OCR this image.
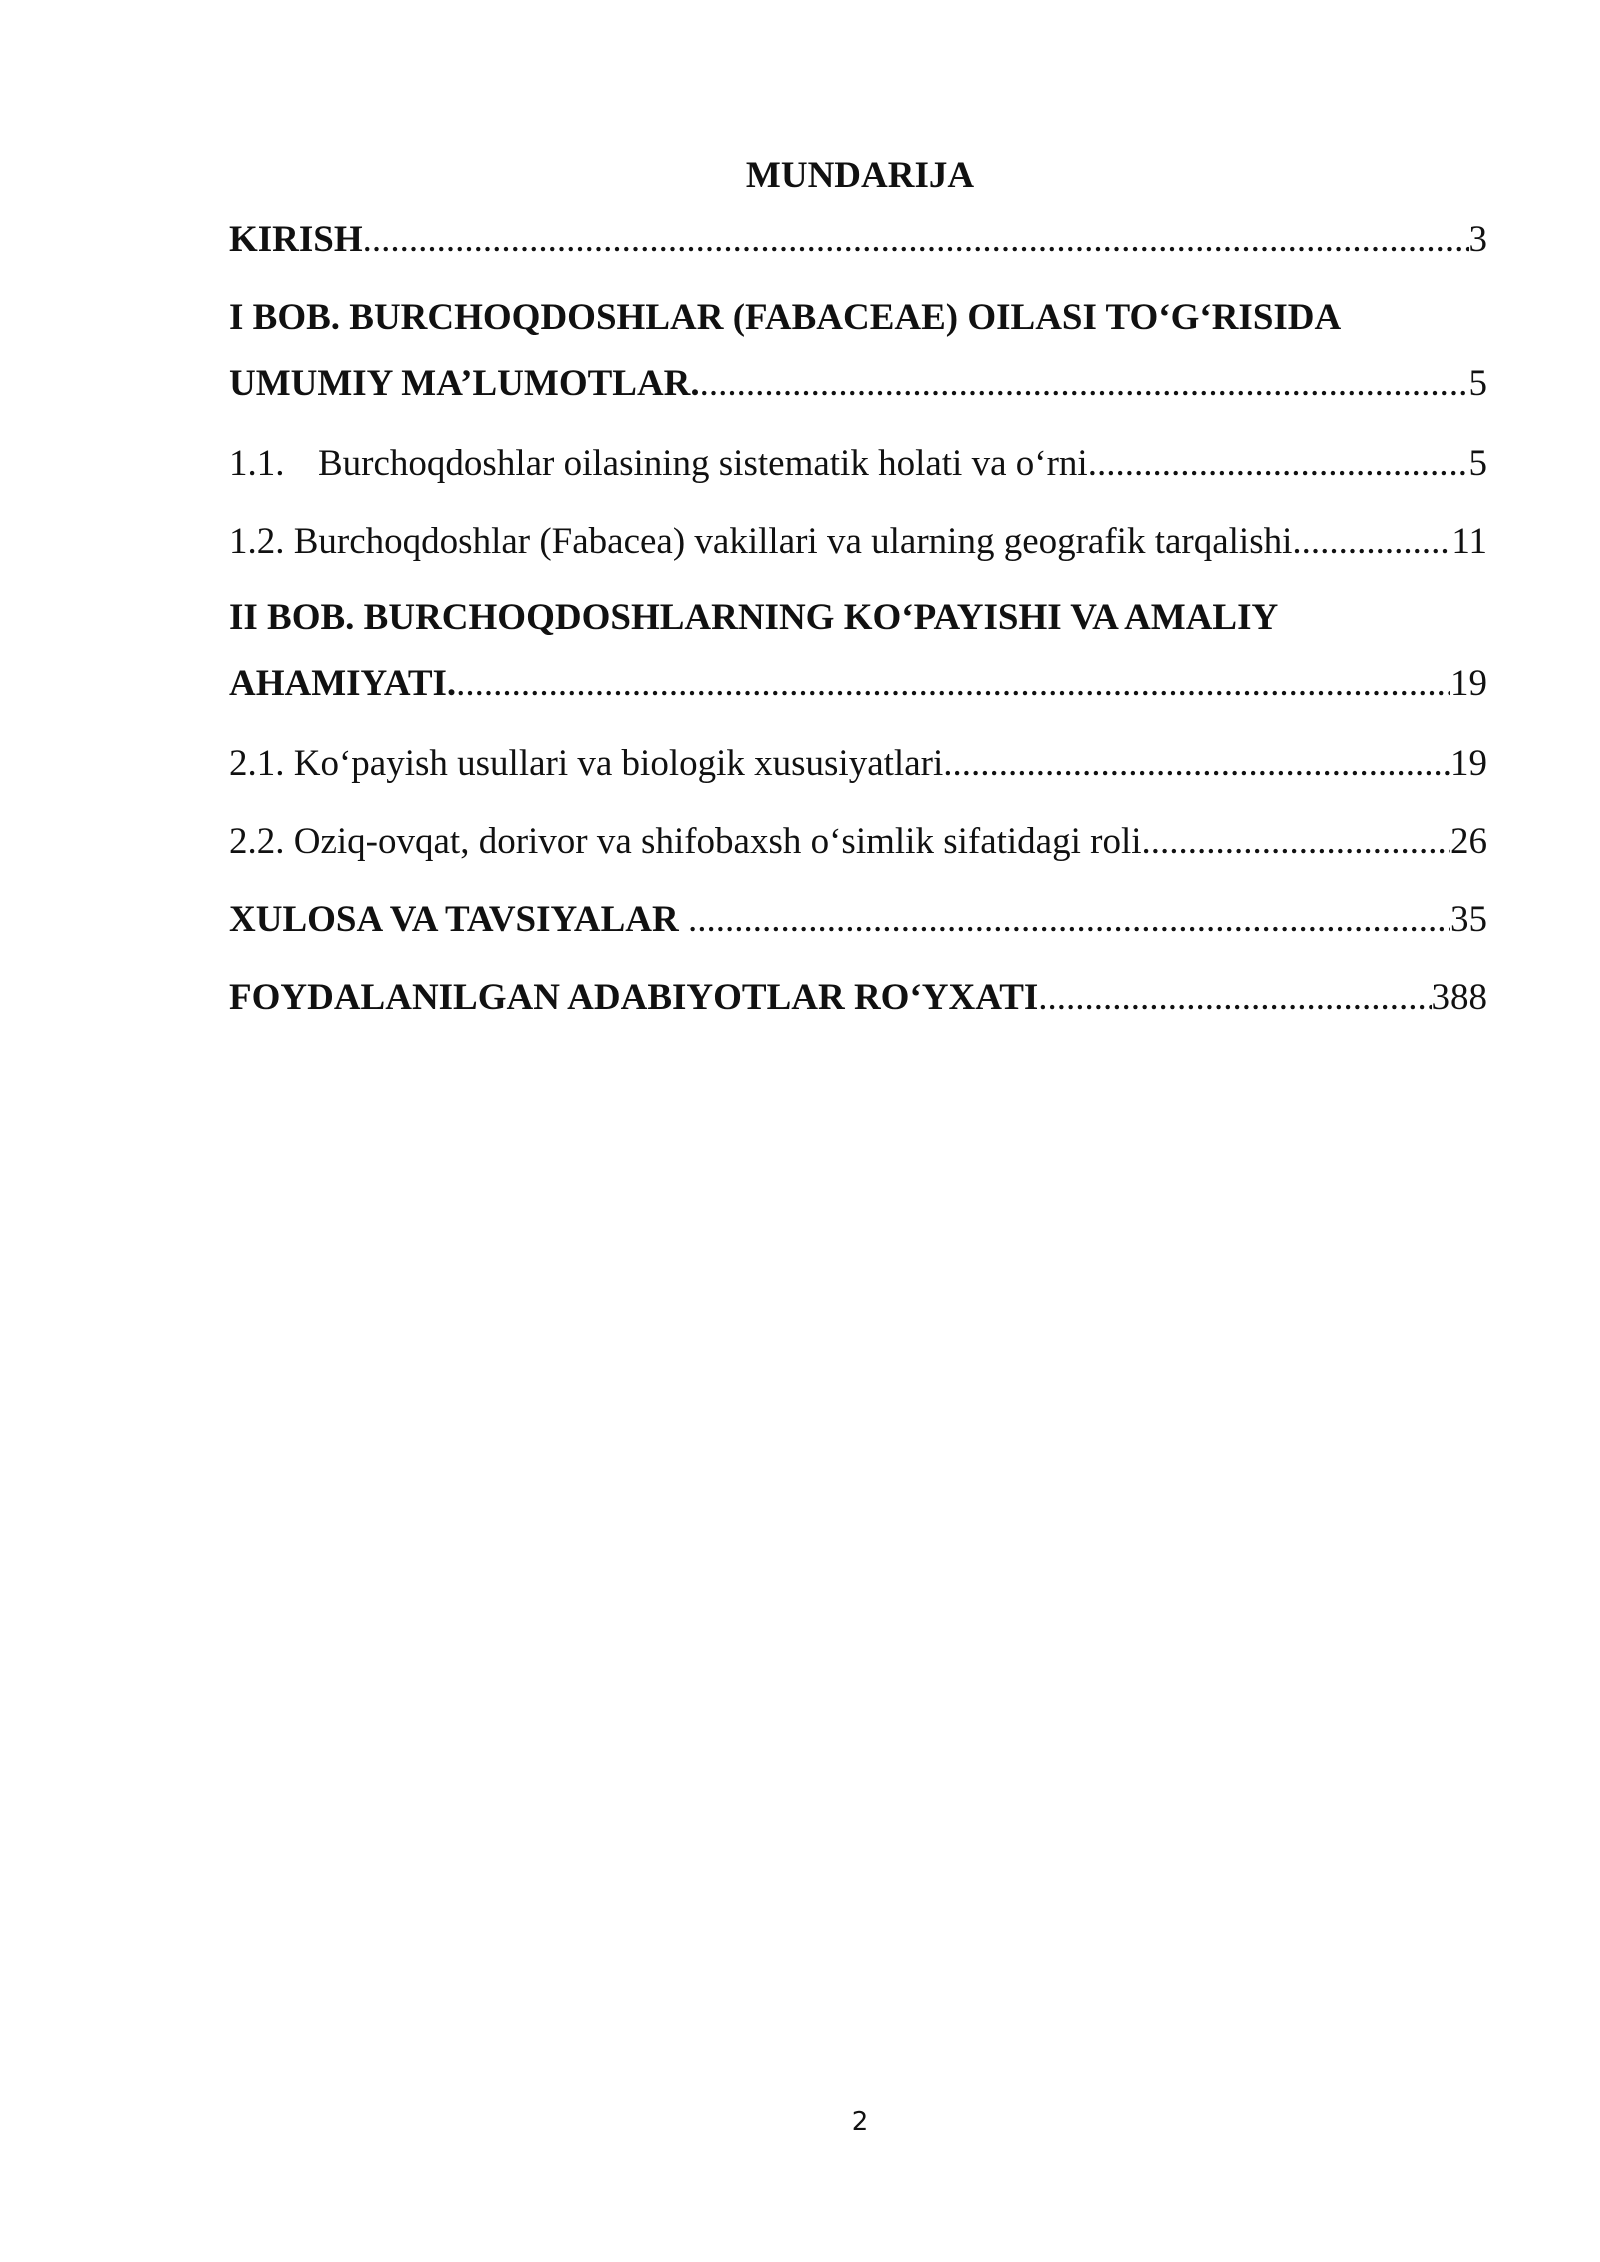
MUNDARIJA
KIRISH .....	3
I BOB. BURCHOQDOSHLAR (FABACEAE) OILASI TO‘G‘RISIDA
UMUMIY MA’LUMOTLAR. .....	5
1.1. Burchoqdoshlar oilasining sistematik holati va o‘rni .....	5
1.2. Burchoqdoshlar (Fabacea) vakillari va ularning geografik tarqalishi .....	11
II BOB. BURCHOQDOSHLARNING KO‘PAYISHI VA AMALIY
AHAMIYATI. .....	19
2.1. Ko‘payish usullari va biologik xususiyatlari .....	19
2.2. Oziq-ovqat, dorivor va shifobaxsh o‘simlik sifatidagi roli .....	26
XULOSA VA TAVSIYALAR .....	35
FOYDALANILGAN ADABIYOTLAR RO‘YXATI .....	388
2
